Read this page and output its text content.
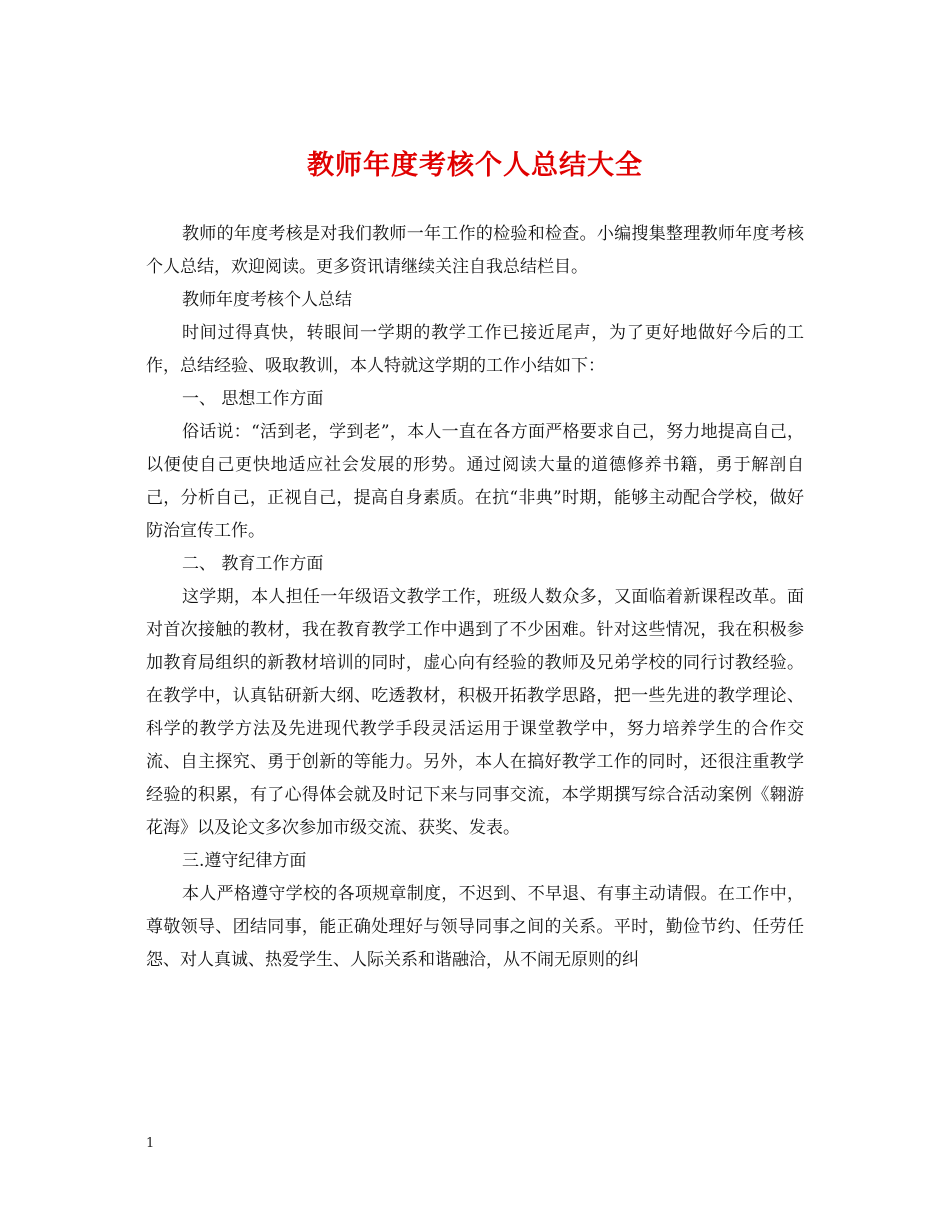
教师年度考核个人总结大全

教师的年度考核是对我们教师一年工作的检验和检查。小编搜集整理教师年度考核个人总结，欢迎阅读。更多资讯请继续关注自我总结栏目。

教师年度考核个人总结

时间过得真快，转眼间一学期的教学工作已接近尾声，为了更好地做好今后的工作，总结经验、吸取教训，本人特就这学期的工作小结如下：

一、 思想工作方面

俗话说：“活到老，学到老”，本人一直在各方面严格要求自己，努力地提高自己，以便使自己更快地适应社会发展的形势。通过阅读大量的道德修养书籍，勇于解剖自己，分析自己，正视自己，提高自身素质。在抗“非典”时期，能够主动配合学校，做好防治宣传工作。

二、 教育工作方面

这学期，本人担任一年级语文教学工作，班级人数众多，又面临着新课程改革。面对首次接触的教材，我在教育教学工作中遇到了不少困难。针对这些情况，我在积极参加教育局组织的新教材培训的同时，虚心向有经验的教师及兄弟学校的同行讨教经验。在教学中，认真钻研新大纲、吃透教材，积极开拓教学思路，把一些先进的教学理论、科学的教学方法及先进现代教学手段灵活运用于课堂教学中，努力培养学生的合作交流、自主探究、勇于创新的等能力。另外，本人在搞好教学工作的同时，还很注重教学经验的积累，有了心得体会就及时记下来与同事交流，本学期撰写综合活动案例《翱游花海》以及论文多次参加市级交流、获奖、发表。

三.遵守纪律方面

本人严格遵守学校的各项规章制度，不迟到、不早退、有事主动请假。在工作中，尊敬领导、团结同事，能正确处理好与领导同事之间的关系。平时，勤俭节约、任劳任怨、对人真诚、热爱学生、人际关系和谐融洽，从不闹无原则的纠

1
